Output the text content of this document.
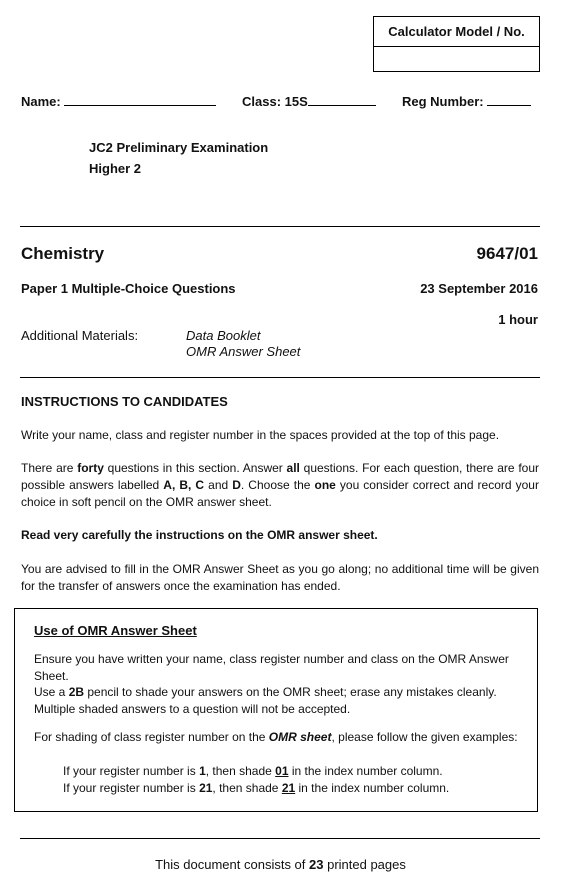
Calculator Model / No.
Name:	Class: 15S	Reg Number:
JC2 Preliminary Examination
Higher 2
Chemistry	9647/01
Paper 1 Multiple-Choice Questions	23 September 2016
1 hour
Additional Materials:	Data Booklet
OMR Answer Sheet
INSTRUCTIONS TO CANDIDATES
Write your name, class and register number in the spaces provided at the top of this page.
There are forty questions in this section. Answer all questions. For each question, there are four possible answers labelled A, B, C and D. Choose the one you consider correct and record your choice in soft pencil on the OMR answer sheet.
Read very carefully the instructions on the OMR answer sheet.
You are advised to fill in the OMR Answer Sheet as you go along; no additional time will be given for the transfer of answers once the examination has ended.
Use of OMR Answer Sheet
Ensure you have written your name, class register number and class on the OMR Answer Sheet.
Use a 2B pencil to shade your answers on the OMR sheet; erase any mistakes cleanly.
Multiple shaded answers to a question will not be accepted.
For shading of class register number on the OMR sheet, please follow the given examples:
If your register number is 1, then shade 01 in the index number column.
If your register number is 21, then shade 21 in the index number column.
This document consists of 23 printed pages
